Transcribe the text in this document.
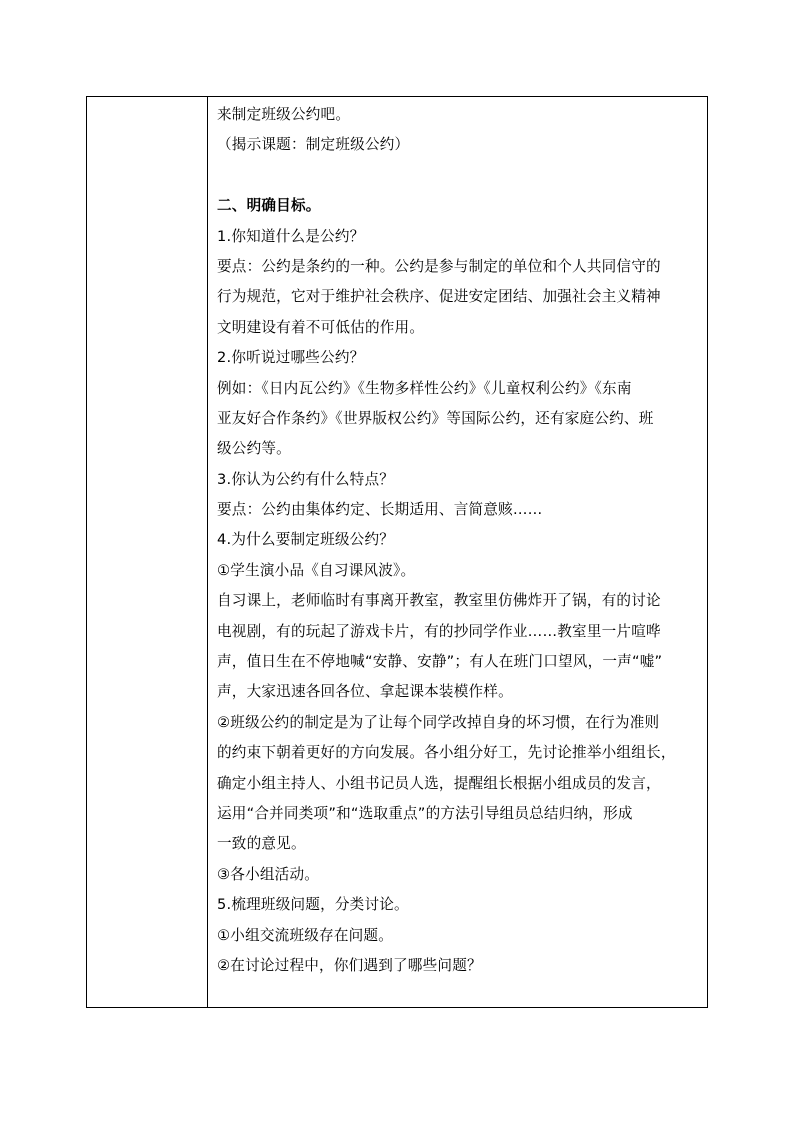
来制定班级公约吧。
（揭示课题：制定班级公约）
二、明确目标。
1.你知道什么是公约？
要点：公约是条约的一种。公约是参与制定的单位和个人共同信守的
行为规范，它对于维护社会秩序、促进安定团结、加强社会主义精神
文明建设有着不可低估的作用。
2.你听说过哪些公约？
例如：《日内瓦公约》《生物多样性公约》《儿童权利公约》《东南
亚友好合作条约》《世界版权公约》等国际公约，还有家庭公约、班
级公约等。
3.你认为公约有什么特点？
要点：公约由集体约定、长期适用、言简意赅……
4.为什么要制定班级公约？
①学生演小品《自习课风波》。
自习课上，老师临时有事离开教室，教室里仿佛炸开了锅，有的讨论
电视剧，有的玩起了游戏卡片，有的抄同学作业……教室里一片喧哗
声，值日生在不停地喊“安静、安静”；有人在班门口望风，一声“嘘”
声，大家迅速各回各位、拿起课本装模作样。
②班级公约的制定是为了让每个同学改掉自身的坏习惯，在行为准则
的约束下朝着更好的方向发展。各小组分好工，先讨论推举小组组长，
确定小组主持人、小组书记员人选，提醒组长根据小组成员的发言，
运用“合并同类项”和“选取重点”的方法引导组员总结归纳，形成
一致的意见。
③各小组活动。
5.梳理班级问题，分类讨论。
①小组交流班级存在问题。
②在讨论过程中，你们遇到了哪些问题？
